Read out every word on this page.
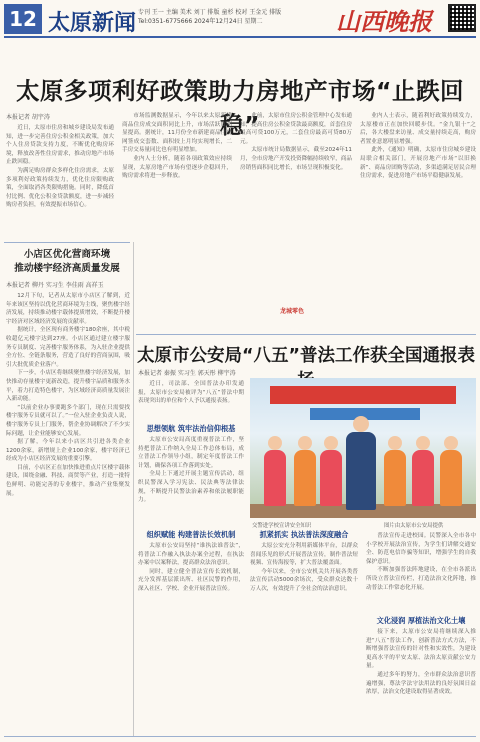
12 太原新闻 专刊 王一 主编 美术 刘丁 排版 童杉 校对 王金元 排版
Tel:0351-6775666 2024年12月24日 星期二	山西晚报
太原多项利好政策助力房地产市场“止跌回稳”
本报记者 胡宇涛

近日，太原市住房和城乡建设局发布通知，进一步完善住房公积金相关政策，加大个人住房贷款支持力度，不断优化购房环境，释放改善性住房需求，推动房地产市场止跌回稳。

为满足购房群众多样化住房需求，太原多项利好政策持续发力，优化住房限购政策，全面取消各类限购措施。同时，降低首付比例、优化公积金贷款额度，进一步减轻购房者负担，有效提振市场信心。

市场监测数据显示，今年以来太原新建商品住房成交面积同比上升，市场活跃度明显提高。据统计，11月份全市新建商品住房网签成交套数、面积较上月均实现增长，二手房交易量同比也有明显增加。

业内人士分析，随着各项政策效应持续显现，太原房地产市场有望逐步企稳回升，购房需求将进一步释放。

此前，太原市住房公积金管理中心发布通知，提高住房公积金贷款最高额度，首套住房最高可贷100万元，二套住房最高可贷80万元。

太原市统计局数据显示，截至2024年11月，全市房地产开发投资降幅持续收窄，商品房销售面积同比增长，市场呈现积极变化。

业内人士表示，随着利好政策持续发力，太原楼市正在加快回暖步伐。“金九银十”之后，各大楼盘来访量、成交量持续走高，购房者置业意愿明显增强。

此外，《通知》明确，太原市住房城乡建设局联合相关部门，开展房地产市场“以旧换新”、商品房团购等活动，多渠道满足居民合理住房需求，促进房地产市场平稳健康发展。

小店区优化营商环境
推动楼宇经济高质量发展
本报记者 柳丹 实习生 李佳雨 高祥玉

12月下旬，记者从太原市小店区了解到，近年来该区坚持以优化营商环境为主线，聚焦楼宇经济发展，持续推动楼宇载体提质增效，不断提升楼宇经济对区域经济发展的贡献率。

据统计，全区现有商务楼宇180余座，其中税收超亿元楼宇达到27座。小店区通过建立楼宇服务专员制度、完善楼宇服务体系，为入驻企业提供全方位、全链条服务，营造了良好的营商氛围，吸引大批优质企业落户。

下一步，小店区将继续聚焦楼宇经济发展，加快推动存量楼宇更新改造，提升楼宇品质和服务水平，着力打造特色楼宇，为区域经济高质量发展注入新动能。

“以前企业办事要跑多个部门，现在只需要找楼宇服务专员就可以了。”一位入驻企业负责人说，楼宇服务专员上门服务，帮企业协调解决了不少实际问题，让企业能够安心发展。

据了解，今年以来小店区共引进各类企业1200余家，新增规上企业100余家，楼宇经济已经成为小店区经济发展的重要引擎。

目前，小店区正在加快推进重点片区楼宇载体建设，围绕金融、科技、商贸等产业，打造一批特色鲜明、功能完善的专业楼宇，推动产业集聚发展。

龙城零色
太原市公安局“八五”普法工作获全国通报表
本报记者 秦振 实习生 郭天彤 柳宇涛

近日，司法部、全国普法办印发通报，太原市公安局被评为“八五”普法中期表现突出的单位和个人予以通报表扬。

思想领航 筑牢法治信仰根基

太原市公安局高度重视普法工作，坚持把普法工作纳入全局工作总体布局，成立普法工作领导小组，制定年度普法工作计划，确保各项工作落到实处。

全局上下通过开展主题宣传活动，组织民警深入学习宪法、民法典等法律法规，不断提升民警法治素养和依法履职能力。

组织赋能 构建普法长效机制

太原市公安局坚持“谁执法谁普法”，将普法工作融入执法办案全过程，在执法办案中以案释法，提高群众法治意识。

同时，建立健全普法宣传长效机制，充分发挥基层派出所、社区民警的作用，深入社区、学校、企业开展普法宣传。

交警进学校宣讲安全知识	图片由太原市公安局提供
抓紧抓实 执法普法深度融合

太原公安充分利用新媒体平台，以群众喜闻乐见的形式开展普法宣传，制作普法短视频、宣传海报等，扩大普法覆盖面。

今年以来，全市公安机关共开展各类普法宣传活动5000余场次，受众群众达数十万人次，有效提升了全社会的法治意识。

普法宣传走进校园。民警深入全市各中小学校开展法治宣传，为学生们讲解交通安全、防范电信诈骗等知识，增强学生的自我保护意识。

不断加强普法阵地建设，在全市各派出所设立普法宣传栏，打造法治文化阵地，推动普法工作常态化开展。

文化浸润 厚植法治文化土壤

接下来，太原市公安局将继续深入推进“八五”普法工作，创新普法方式方法，不断增强普法宣传的针对性和实效性，为建设更高水平的平安太原、法治太原贡献公安力量。

通过多年的努力，全市群众法治意识普遍增强，尊法学法守法用法的良好氛围日益浓厚，法治文化建设取得显著成效。
